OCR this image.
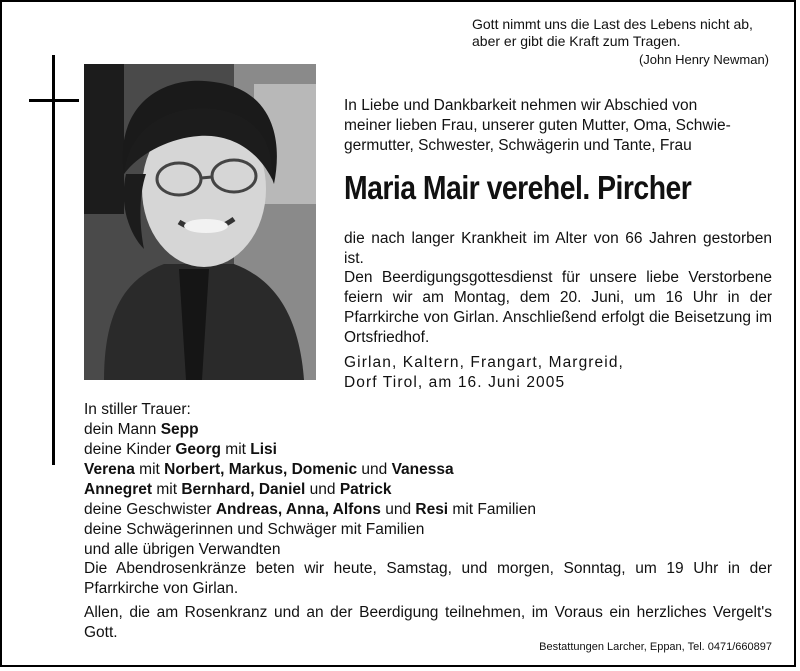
Gott nimmt uns die Last des Lebens nicht ab,
aber er gibt die Kraft zum Tragen.
(John Henry Newman)
In Liebe und Dankbarkeit nehmen wir Abschied von
meiner lieben Frau, unserer guten Mutter, Oma, Schwie-
germutter, Schwester, Schwägerin und Tante, Frau
Maria Mair verehel. Pircher
die nach langer Krankheit im Alter von 66 Jahren gestorben ist.
Den Beerdigungsgottesdienst für unsere liebe Verstorbene feiern wir am Montag, dem 20. Juni, um 16 Uhr in der Pfarrkirche von Girlan. Anschließend erfolgt die Beisetzung im Ortsfriedhof.
Girlan, Kaltern, Frangart, Margreid,
Dorf Tirol, am 16. Juni 2005
In stiller Trauer:
dein Mann Sepp
deine Kinder Georg mit Lisi
Verena mit Norbert, Markus, Domenic und Vanessa
Annegret mit Bernhard, Daniel und Patrick
deine Geschwister Andreas, Anna, Alfons und Resi mit Familien
deine Schwägerinnen und Schwäger mit Familien
und alle übrigen Verwandten
Die Abendrosenkränze beten wir heute, Samstag, und morgen, Sonntag, um 19 Uhr in der Pfarrkirche von Girlan.
Allen, die am Rosenkranz und an der Beerdigung teilnehmen, im Voraus ein herzliches Vergelt's Gott.
Bestattungen Larcher, Eppan, Tel. 0471/660897
